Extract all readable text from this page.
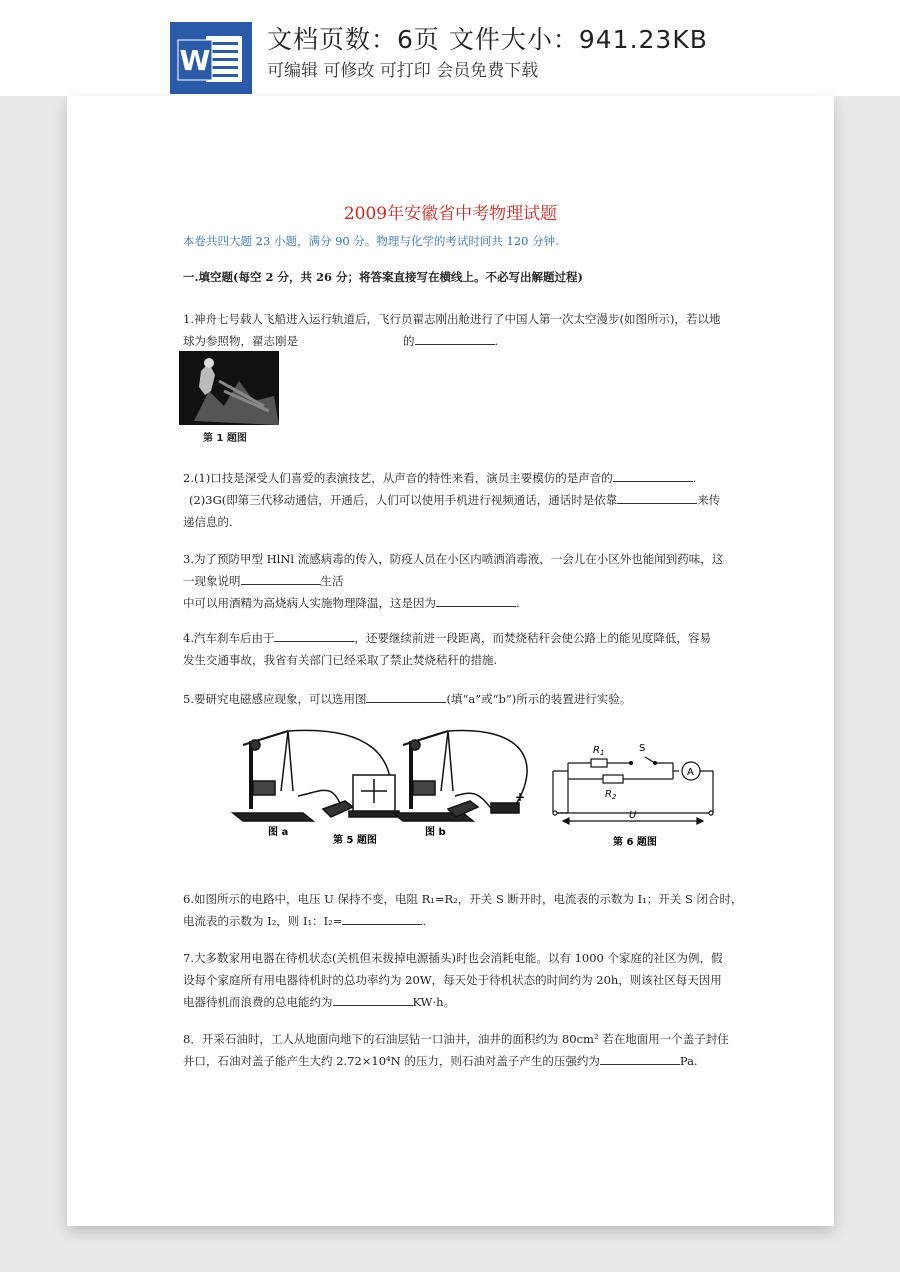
W
文档页数：6页 文件大小：941.23KB
可编辑 可修改 可打印 会员免费下载
2009年安徽省中考物理试题
本卷共四大题 23 小题，满分 90 分。物理与化学的考试时间共 120 分钟.
一.填空题(每空 2 分，共 26 分；将答案直接写在横线上。不必写出解题过程)
1.神舟七号载人飞船进入运行轨道后，飞行员翟志刚出舱进行了中国人第一次太空漫步(如图所示)，若以地
球为参照物，翟志刚是	的	.
第 1 题图
2.(1)口技是深受人们喜爱的表演技艺，从声音的特性来看，演员主要模仿的是声音的	.
(2)3G(即第三代移动通信，开通后，人们可以使用手机进行视频通话，通话时是依靠	来传
递信息的.
3.为了预防甲型 HlNl 流感病毒的传入，防疫人员在小区内喷洒消毒液，一会儿在小区外也能闻到药味，这
一现象说明	生活
中可以用酒精为高烧病人实施物理降温，这是因为	.
4.汽车刹车后由于	，还要继续前进一段距离，而焚烧秸秆会使公路上的能见度降低，容易
发生交通事故，我省有关部门已经采取了禁止焚烧秸秆的措施.
5.要研究电磁感应现象，可以选用图	(填“a”或“b”)所示的装置进行实验。
图 a
+
图 b
第 5 题图
$R_1$	S
$R_2$
A
U
第 6 题图
6.如图所示的电路中，电压 U 保持不变，电阻 R₁=R₂，开关 S 断开时，电流表的示数为 I₁；开关 S 闭合时，
电流表的示数为 I₂，则 I₁：I₂=	.
7.大多数家用电器在待机状态(关机但未拔掉电源插头)时也会消耗电能。以有 1000 个家庭的社区为例，假
设每个家庭所有用电器待机时的总功率约为 20W，每天处于待机状态的时间约为 20h，则该社区每天因用
电器待机而浪费的总电能约为	KW·h。
8．开采石油时，工人从地面向地下的石油层钻一口油井，油井的面积约为 80cm² 若在地面用一个盖子封住
井口，石油对盖子能产生大约 2.72×10⁴N 的压力，则石油对盖子产生的压强约为	Pa.
